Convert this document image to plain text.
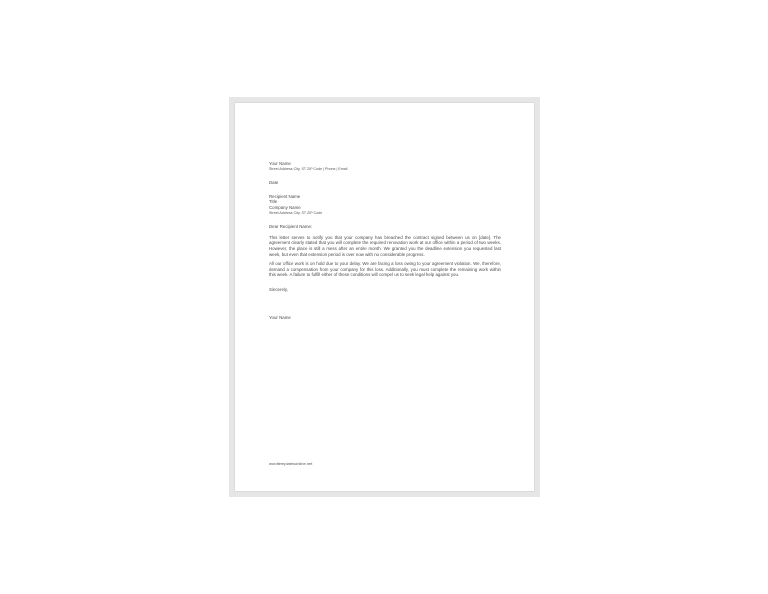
Your Name
Street Address City, ST ZIP Code | Phone | Email
Date
Recipient Name
Title
Company Name
Street Address City, ST ZIP Code
Dear Recipient Name:
This letter serves to notify you that your company has breached the contract signed between us on [date]. The agreement clearly stated that you will complete the required renovation work at our office within a period of two weeks. However, the place is still a mess after an entire month. We granted you the deadline extension you requested last week, but even that extension period is over now with no considerable progress.
All our office work is on hold due to your delay. We are facing a loss owing to your agreement violation. We, therefore, demand a compensation from your company for this loss. Additionally, you must complete the remaining work within this week. A failure to fulfill either of these conditions will compel us to seek legal help against you.
Sincerely,
Your Name
wordtemplatesonline.net
